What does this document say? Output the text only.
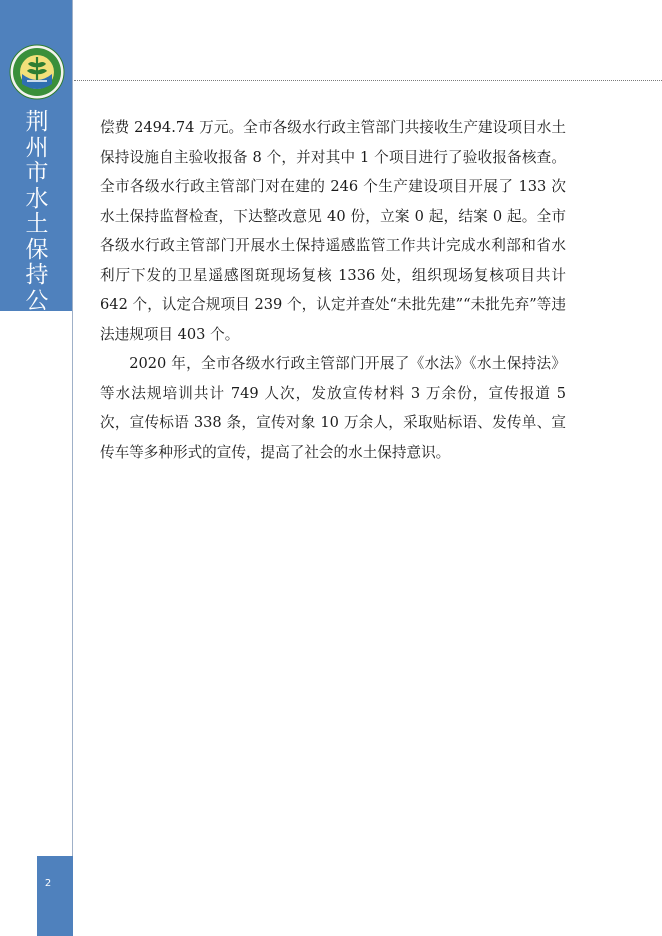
荆州市水土保持公报

偿费 2494.74 万元。全市各级水行政主管部门共接收生产建设项目水土保持设施自主验收报备 8 个，并对其中 1 个项目进行了验收报备核查。全市各级水行政主管部门对在建的 246 个生产建设项目开展了 133 次水土保持监督检查，下达整改意见 40 份，立案 0 起，结案 0 起。全市各级水行政主管部门开展水土保持遥感监管工作共计完成水利部和省水利厅下发的卫星遥感图斑现场复核 1336 处，组织现场复核项目共计 642 个，认定合规项目 239 个，认定并查处“未批先建”“未批先弃”等违法违规项目 403 个。

2020 年，全市各级水行政主管部门开展了《水法》《水土保持法》等水法规培训共计 749 人次，发放宣传材料 3 万余份，宣传报道 5 次，宣传标语 338 条，宣传对象 10 万余人，采取贴标语、发传单、宣传车等多种形式的宣传，提高了社会的水土保持意识。

2
